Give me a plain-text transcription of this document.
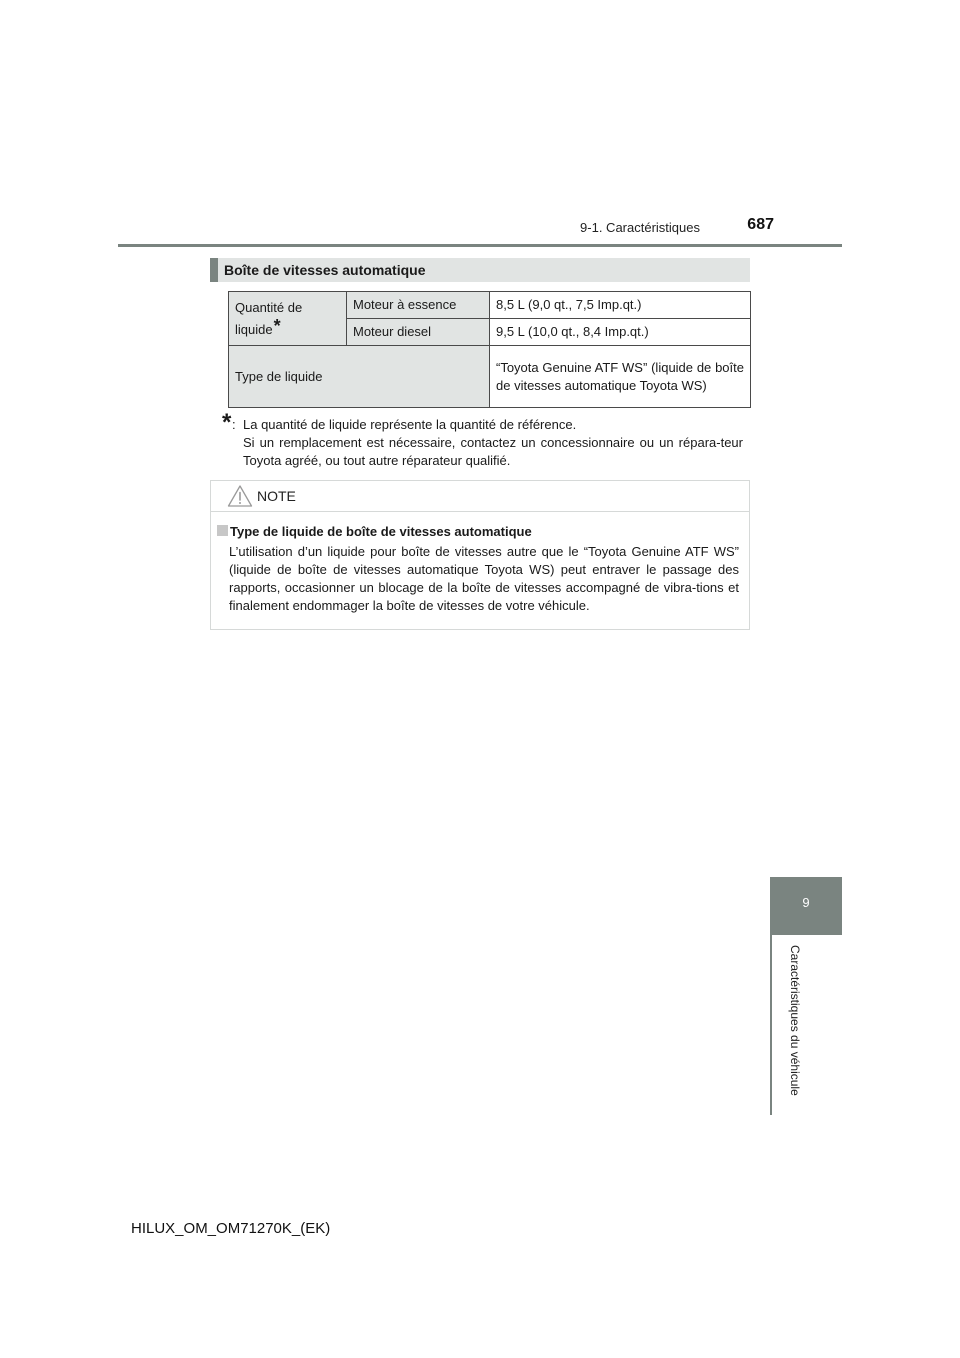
9-1. Caractéristiques	687
Boîte de vitesses automatique
Quantité de liquide*	Moteur à essence	8,5 L (9,0 qt., 7,5 Imp.qt.)
	Moteur diesel	9,5 L (10,0 qt., 8,4 Imp.qt.)
Type de liquide		“Toyota Genuine ATF WS” (liquide de boîte de vitesses automatique Toyota WS)
* : La quantité de liquide représente la quantité de référence.
Si un remplacement est nécessaire, contactez un concessionnaire ou un répara-teur Toyota agréé, ou tout autre réparateur qualifié.
NOTE
Type de liquide de boîte de vitesses automatique
L’utilisation d’un liquide pour boîte de vitesses autre que le “Toyota Genuine ATF WS” (liquide de boîte de vitesses automatique Toyota WS) peut entraver le passage des rapports, occasionner un blocage de la boîte de vitesses accompagné de vibra-tions et finalement endommager la boîte de vitesses de votre véhicule.
9
Caractéristiques du véhicule
HILUX_OM_OM71270K_(EK)
